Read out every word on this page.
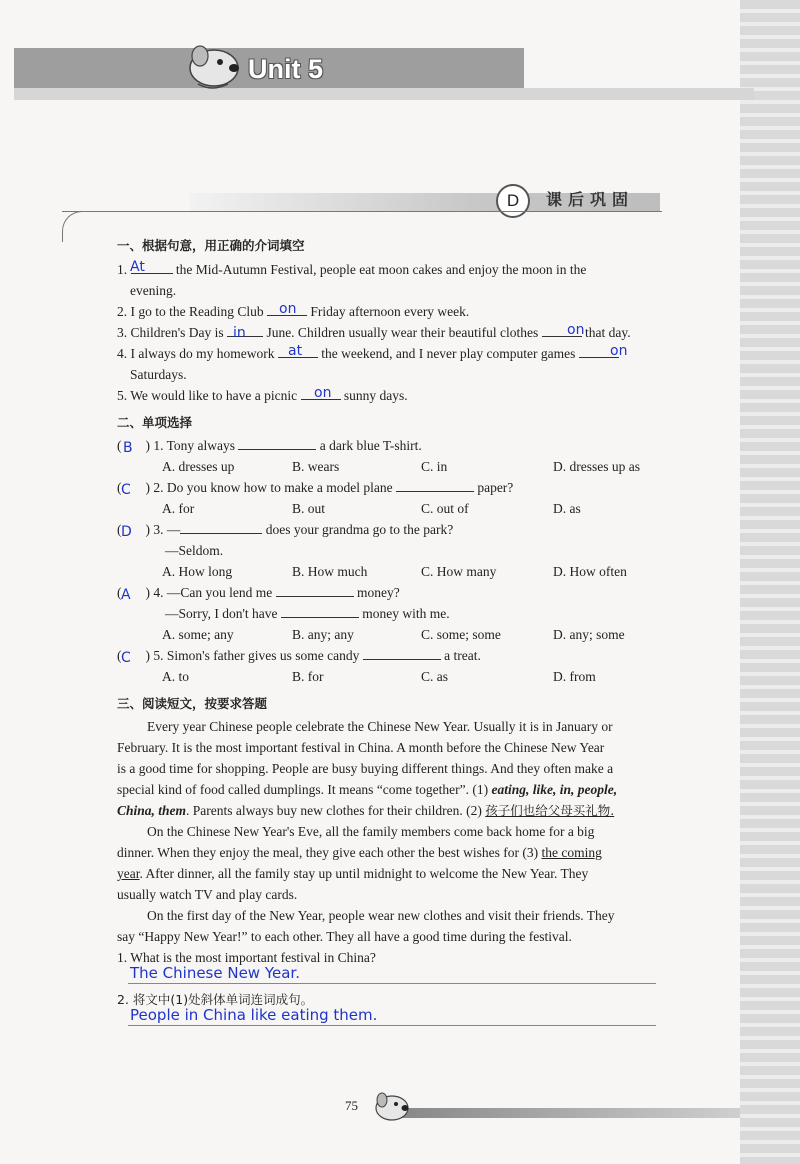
Unit 5
D	课后巩固
一、根据句意，用正确的介词填空
1.	the Mid-Autumn Festival, people eat moon cakes and enjoy the moon in the
At
evening.
2. I go to the Reading Club	Friday afternoon every week.
on
3. Children's Day is	June. Children usually wear their beautiful clothes	that day.
in	on
4. I always do my homework	the weekend, and I never play computer games
at	on
Saturdays.
5. We would like to have a picnic	sunny days.
on
二、单项选择
( ) 1. Tony always	a dark blue T-shirt.
B
A. dresses up	B. wears	C. in	D. dresses up as
( ) 2. Do you know how to make a model plane	paper?
C
A. for	B. out	C. out of	D. as
( ) 3. —	does your grandma go to the park?
D
—Seldom.
A. How long	B. How much	C. How many	D. How often
( ) 4. —Can you lend me	money?
A
—Sorry, I don't have	money with me.
A. some; any	B. any; any	C. some; some	D. any; some
( ) 5. Simon's father gives us some candy	a treat.
C
A. to	B. for	C. as	D. from
三、阅读短文，按要求答题
Every year Chinese people celebrate the Chinese New Year. Usually it is in January or
February. It is the most important festival in China. A month before the Chinese New Year
is a good time for shopping. People are busy buying different things. And they often make a
special kind of food called dumplings. It means “come together”. (1) eating, like, in, people,
China, them. Parents always buy new clothes for their children. (2) 孩子们也给父母买礼物.
On the Chinese New Year's Eve, all the family members come back home for a big
dinner. When they enjoy the meal, they give each other the best wishes for (3) the coming
year. After dinner, all the family stay up until midnight to welcome the New Year. They
usually watch TV and play cards.
On the first day of the New Year, people wear new clothes and visit their friends. They
say “Happy New Year!” to each other. They all have a good time during the festival.
1. What is the most important festival in China?
The Chinese New Year.
2. 将文中(1)处斜体单词连词成句。
People in China like eating them.
75
